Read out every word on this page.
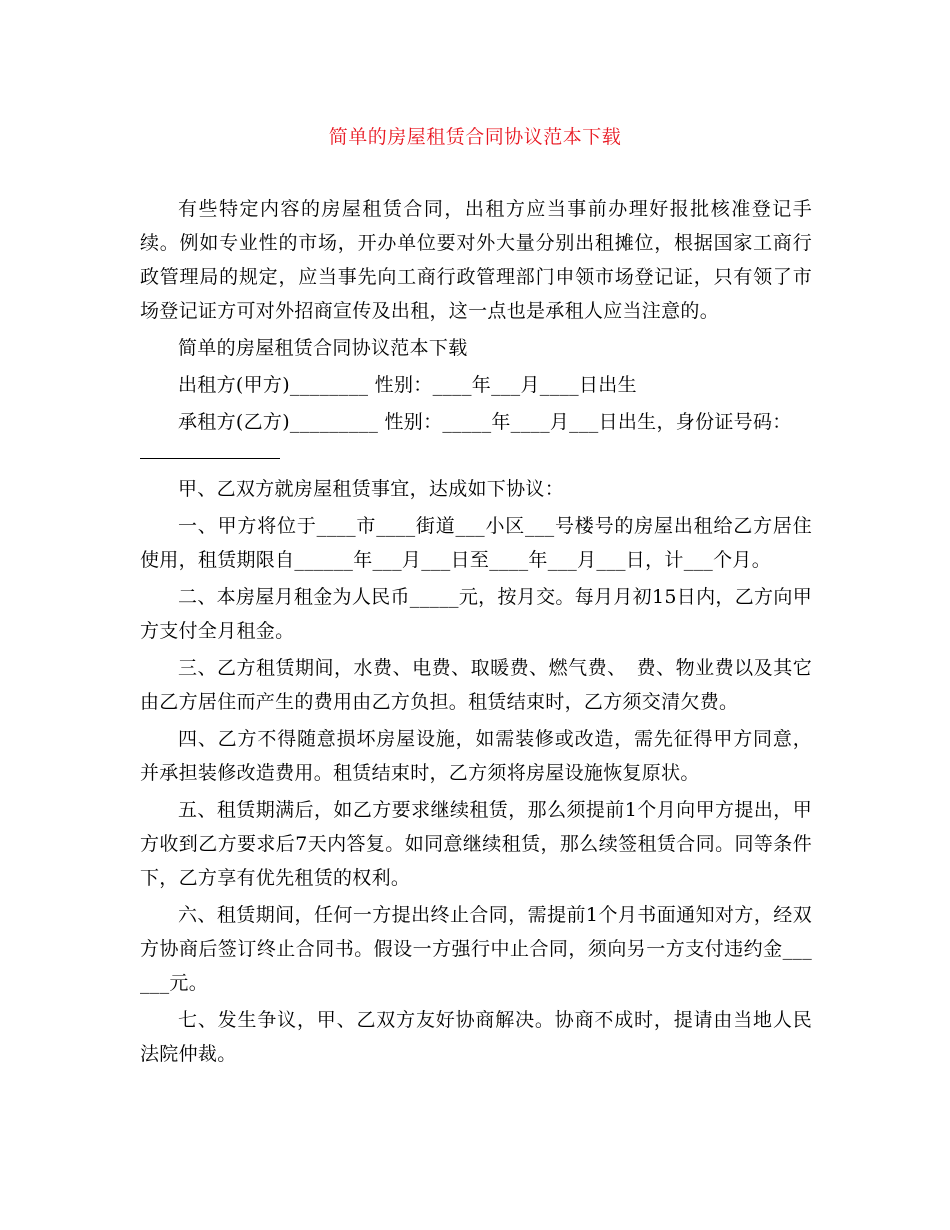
简单的房屋租赁合同协议范本下载

有些特定内容的房屋租赁合同，出租方应当事前办理好报批核准登记手续。例如专业性的市场，开办单位要对外大量分别出租摊位，根据国家工商行政管理局的规定，应当事先向工商行政管理部门申领市场登记证，只有领了市场登记证方可对外招商宣传及出租，这一点也是承租人应当注意的。

简单的房屋租赁合同协议范本下载

出租方(甲方)________ 性别：____年___月____日出生

承租方(乙方)_________ 性别：_____年____月___日出生，身份证号码：

甲、乙双方就房屋租赁事宜，达成如下协议：

一、甲方将位于____市____街道___小区___号楼号的房屋出租给乙方居住使用，租赁期限自______年___月___日至____年___月___日，计___个月。

二、本房屋月租金为人民币_____元，按月交。每月月初15日内，乙方向甲方支付全月租金。

三、乙方租赁期间，水费、电费、取暖费、燃气费、　费、物业费以及其它由乙方居住而产生的费用由乙方负担。租赁结束时，乙方须交清欠费。

四、乙方不得随意损坏房屋设施，如需装修或改造，需先征得甲方同意，并承担装修改造费用。租赁结束时，乙方须将房屋设施恢复原状。

五、租赁期满后，如乙方要求继续租赁，那么须提前1个月向甲方提出，甲方收到乙方要求后7天内答复。如同意继续租赁，那么续签租赁合同。同等条件下，乙方享有优先租赁的权利。

六、租赁期间，任何一方提出终止合同，需提前1个月书面通知对方，经双方协商后签订终止合同书。假设一方强行中止合同，须向另一方支付违约金______元。

七、发生争议，甲、乙双方友好协商解决。协商不成时，提请由当地人民法院仲裁。
